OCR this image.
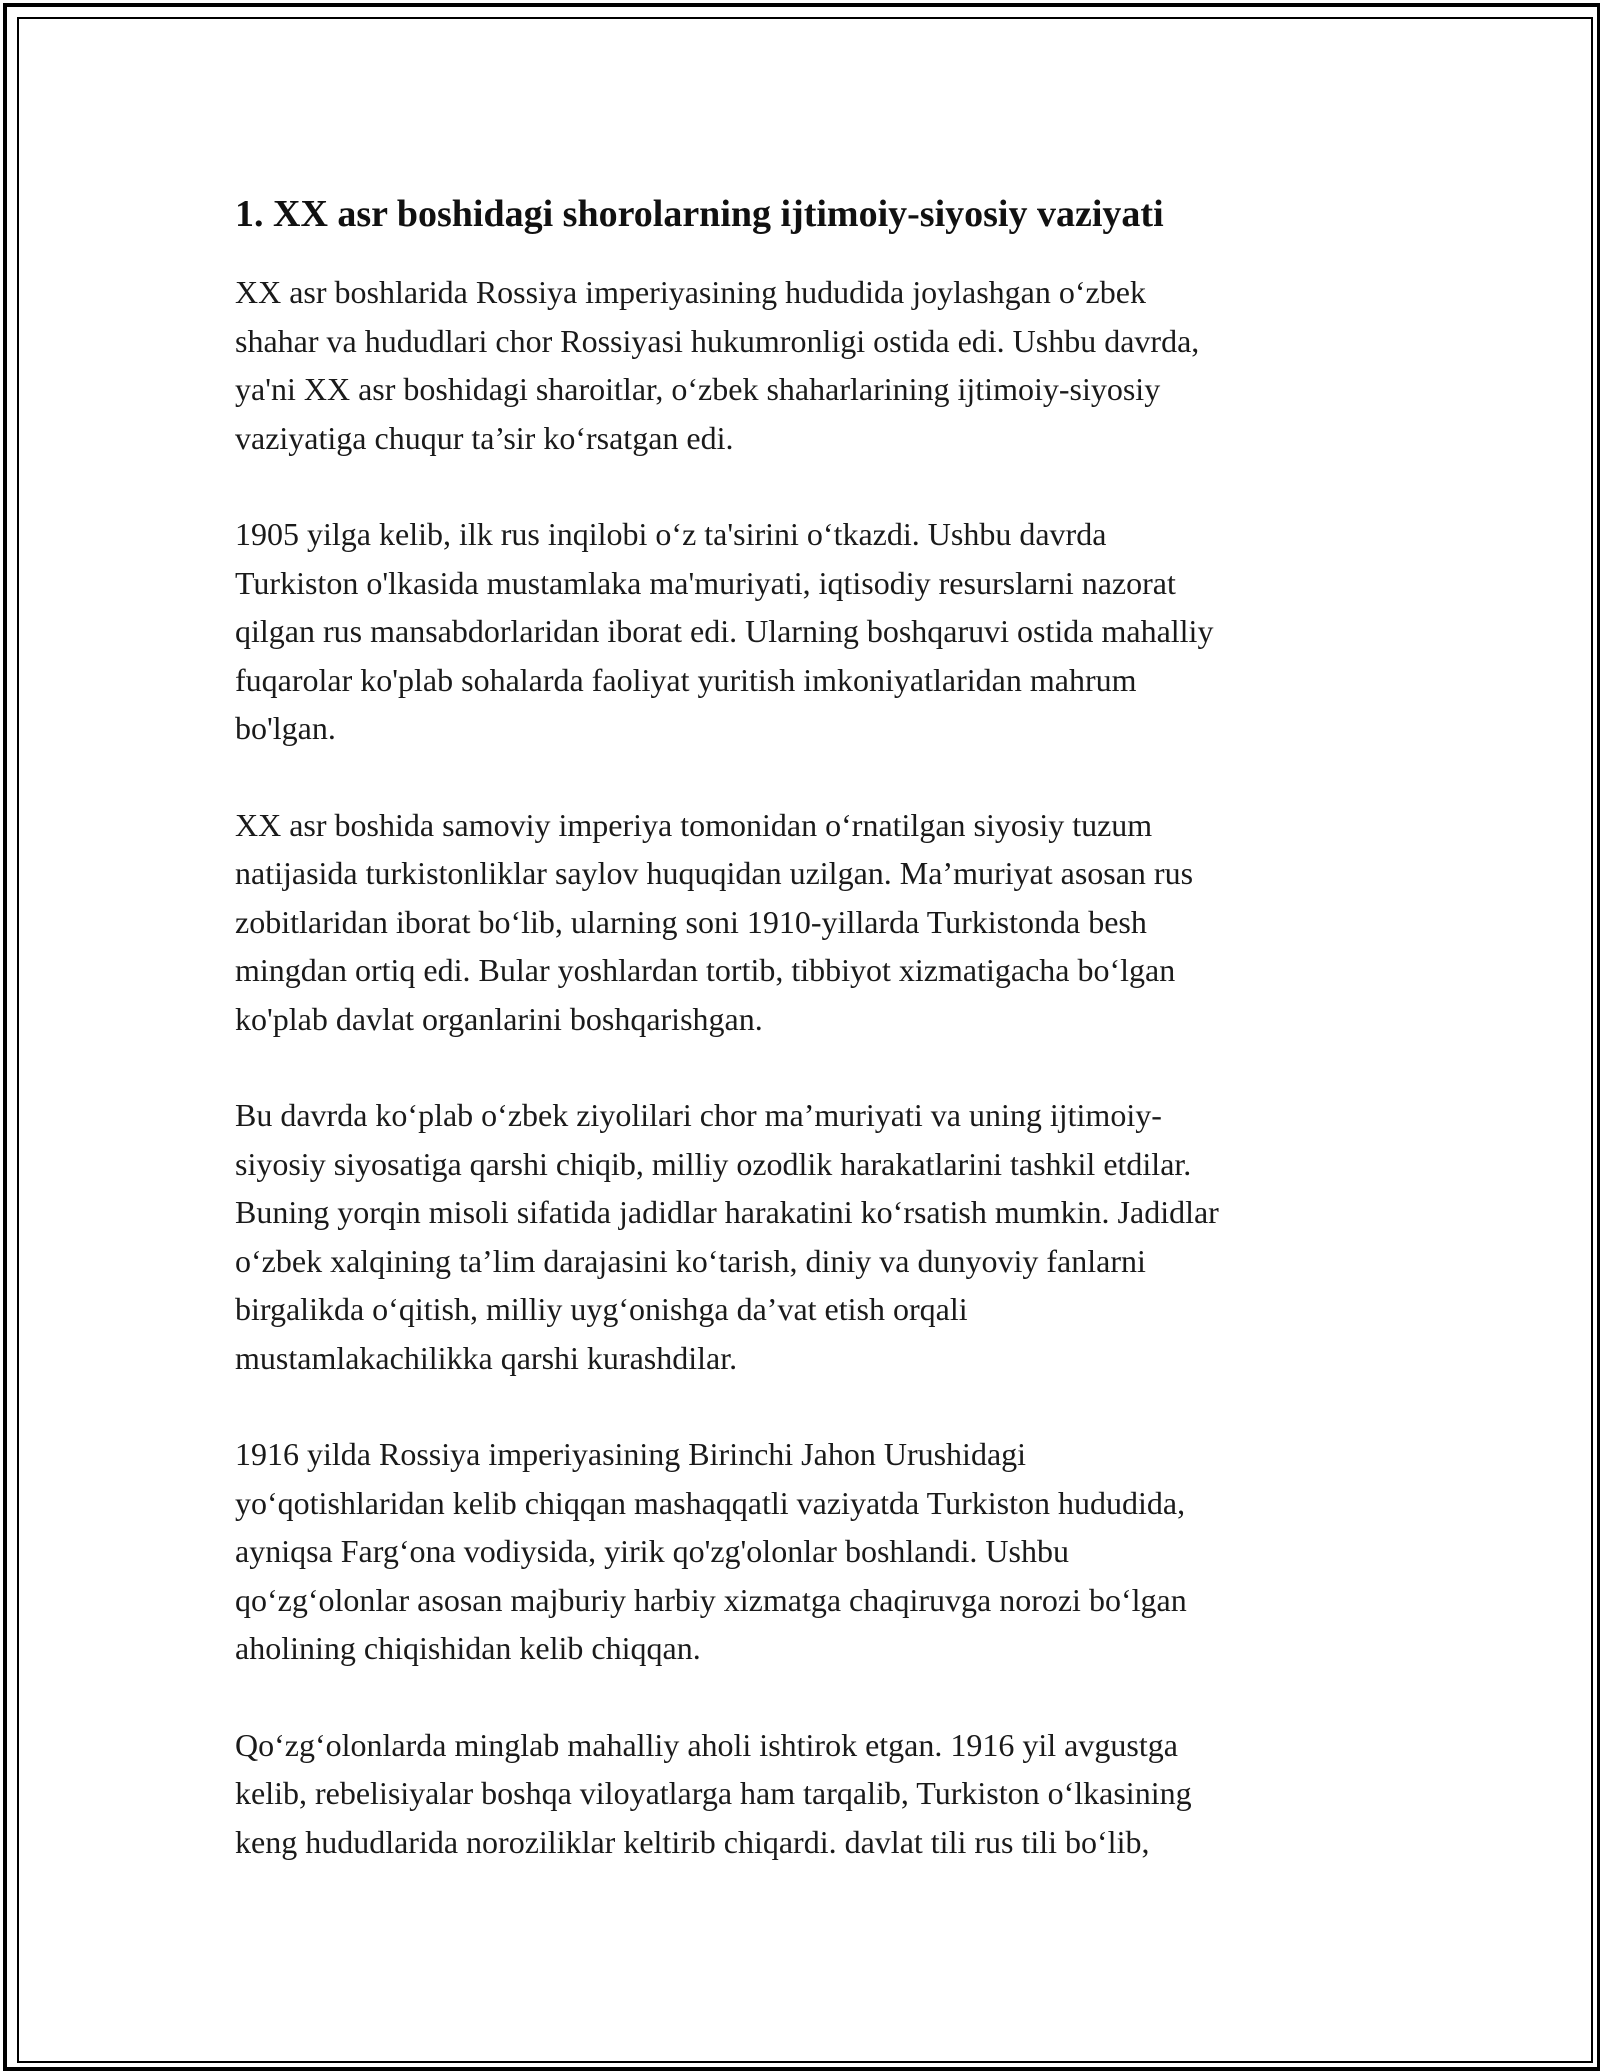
1. XX asr boshidagi shorolarning ijtimoiy-siyosiy vaziyati

XX asr boshlarida Rossiya imperiyasining hududida joylashgan o‘zbek
shahar va hududlari chor Rossiyasi hukumronligi ostida edi. Ushbu davrda,
ya'ni XX asr boshidagi sharoitlar, o‘zbek shaharlarining ijtimoiy-siyosiy
vaziyatiga chuqur ta’sir ko‘rsatgan edi.

1905 yilga kelib, ilk rus inqilobi o‘z ta'sirini o‘tkazdi. Ushbu davrda
Turkiston o'lkasida mustamlaka ma'muriyati, iqtisodiy resurslarni nazorat
qilgan rus mansabdorlaridan iborat edi. Ularning boshqaruvi ostida mahalliy
fuqarolar ko'plab sohalarda faoliyat yuritish imkoniyatlaridan mahrum
bo'lgan.

XX asr boshida samoviy imperiya tomonidan o‘rnatilgan siyosiy tuzum
natijasida turkistonliklar saylov huquqidan uzilgan. Ma’muriyat asosan rus
zobitlaridan iborat bo‘lib, ularning soni 1910-yillarda Turkistonda besh
mingdan ortiq edi. Bular yoshlardan tortib, tibbiyot xizmatigacha bo‘lgan
ko'plab davlat organlarini boshqarishgan.

Bu davrda ko‘plab o‘zbek ziyolilari chor ma’muriyati va uning ijtimoiy-
siyosiy siyosatiga qarshi chiqib, milliy ozodlik harakatlarini tashkil etdilar.
Buning yorqin misoli sifatida jadidlar harakatini ko‘rsatish mumkin. Jadidlar
o‘zbek xalqining ta’lim darajasini ko‘tarish, diniy va dunyoviy fanlarni
birgalikda o‘qitish, milliy uyg‘onishga da’vat etish orqali
mustamlakachilikka qarshi kurashdilar.

1916 yilda Rossiya imperiyasining Birinchi Jahon Urushidagi
yo‘qotishlaridan kelib chiqqan mashaqqatli vaziyatda Turkiston hududida,
ayniqsa Farg‘ona vodiysida, yirik qo'zg'olonlar boshlandi. Ushbu
qo‘zg‘olonlar asosan majburiy harbiy xizmatga chaqiruvga norozi bo‘lgan
aholining chiqishidan kelib chiqqan.

Qo‘zg‘olonlarda minglab mahalliy aholi ishtirok etgan. 1916 yil avgustga
kelib, rebelisiyalar boshqa viloyatlarga ham tarqalib, Turkiston o‘lkasining
keng hududlarida noroziliklar keltirib chiqardi. davlat tili rus tili bo‘lib,
